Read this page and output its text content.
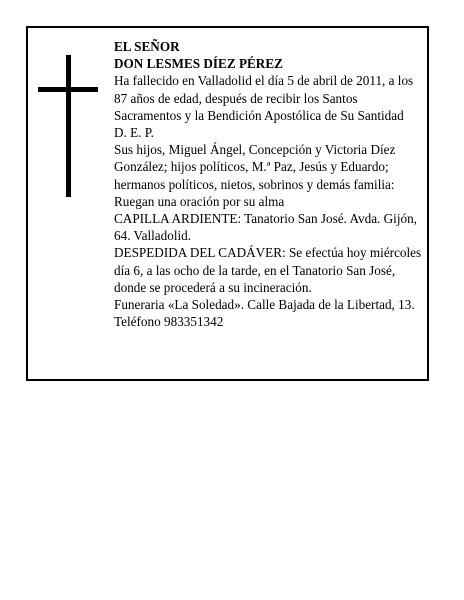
EL SEÑOR

DON LESMES DÍEZ PÉREZ

Ha fallecido en Valladolid el día 5 de abril de 2011, a los 87 años de edad, después de recibir los Santos Sacramentos y la Bendición Apostólica de Su Santidad

D. E. P.

Sus hijos, Miguel Ángel, Concepción y Victoria Díez González; hijos políticos, M.ª Paz, Jesús y Eduardo; hermanos políticos, nietos, sobrinos y demás familia:

Ruegan una oración por su alma

CAPILLA ARDIENTE: Tanatorio San José. Avda. Gijón, 64. Valladolid.

DESPEDIDA DEL CADÁVER: Se efectúa hoy miércoles día 6, a las ocho de la tarde, en el Tanatorio San José, donde se procederá a su incineración.

Funeraria «La Soledad». Calle Bajada de la Libertad, 13. Teléfono 983351342
